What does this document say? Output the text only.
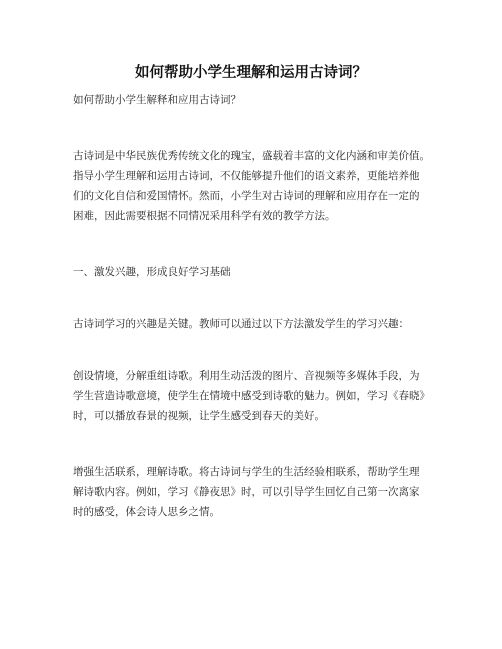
如何帮助小学生理解和运用古诗词？

如何帮助小学生解释和应用古诗词？

古诗词是中华民族优秀传统文化的瑰宝，盛载着丰富的文化内涵和审美价值。
指导小学生理解和运用古诗词，不仅能够提升他们的语文素养，更能培养他
们的文化自信和爱国情怀。然而，小学生对古诗词的理解和应用存在一定的
困难，因此需要根据不同情况采用科学有效的教学方法。
一、激发兴趣，形成良好学习基础
古诗词学习的兴趣是关键。教师可以通过以下方法激发学生的学习兴趣：
创设情境，分解重组诗歌。利用生动活泼的图片、音视频等多媒体手段，为
学生营造诗歌意境，使学生在情境中感受到诗歌的魅力。例如，学习《春晓》
时，可以播放春景的视频，让学生感受到春天的美好。
增强生活联系，理解诗歌。将古诗词与学生的生活经验相联系，帮助学生理
解诗歌内容。例如，学习《静夜思》时，可以引导学生回忆自己第一次离家
时的感受，体会诗人思乡之情。
